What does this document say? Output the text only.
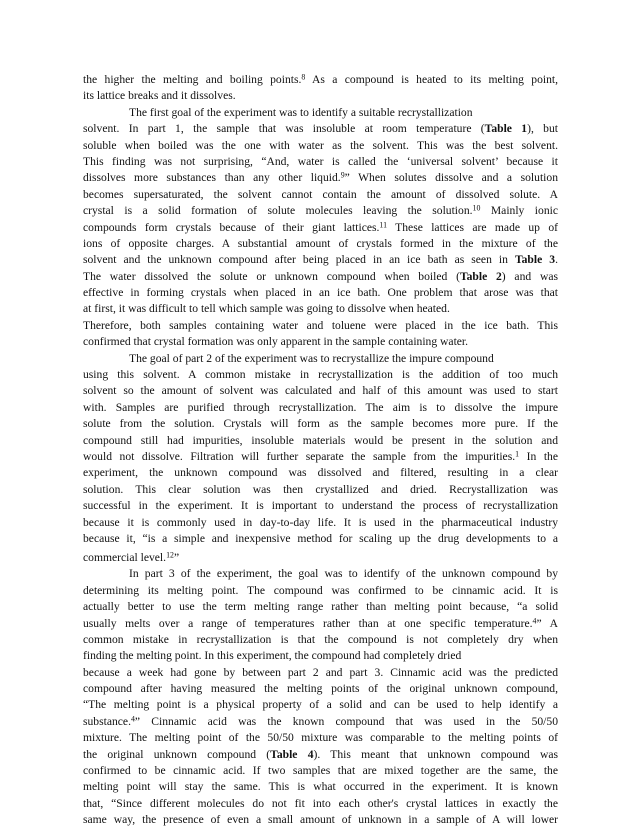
the higher the melting and boiling points.$^8$ As a compound is heated to its melting point,
its lattice breaks and it dissolves.
The first goal of the experiment was to identify a suitable recrystallization
solvent. In part 1, the sample that was insoluble at room temperature (Table 1), but
soluble when boiled was the one with water as the solvent. This was the best solvent.
This finding was not surprising, “And, water is called the ‘universal solvent’ because it
dissolves more substances than any other liquid.$^9$” When solutes dissolve and a solution
becomes supersaturated, the solvent cannot contain the amount of dissolved solute. A
crystal is a solid formation of solute molecules leaving the solution.$^{10}$ Mainly ionic
compounds form crystals because of their giant lattices.$^{11}$ These lattices are made up of
ions of opposite charges. A substantial amount of crystals formed in the mixture of the
solvent and the unknown compound after being placed in an ice bath as seen in Table 3.
The water dissolved the solute or unknown compound when boiled (Table 2) and was
effective in forming crystals when placed in an ice bath. One problem that arose was that
at first, it was difficult to tell which sample was going to dissolve when heated.
Therefore, both samples containing water and toluene were placed in the ice bath. This
confirmed that crystal formation was only apparent in the sample containing water.
The goal of part 2 of the experiment was to recrystallize the impure compound
using this solvent. A common mistake in recrystallization is the addition of too much
solvent so the amount of solvent was calculated and half of this amount was used to start
with. Samples are purified through recrystallization. The aim is to dissolve the impure
solute from the solution. Crystals will form as the sample becomes more pure. If the
compound still had impurities, insoluble materials would be present in the solution and
would not dissolve. Filtration will further separate the sample from the impurities.$^1$ In the
experiment, the unknown compound was dissolved and filtered, resulting in a clear
solution. This clear solution was then crystallized and dried. Recrystallization was
successful in the experiment. It is important to understand the process of recrystallization
because it is commonly used in day-to-day life. It is used in the pharmaceutical industry
because it, “is a simple and inexpensive method for scaling up the drug developments to a
commercial level.$^{12}$”
In part 3 of the experiment, the goal was to identify of the unknown compound by
determining its melting point. The compound was confirmed to be cinnamic acid. It is
actually better to use the term melting range rather than melting point because, “a solid
usually melts over a range of temperatures rather than at one specific temperature.$^4$” A
common mistake in recrystallization is that the compound is not completely dry when
finding the melting point. In this experiment, the compound had completely dried
because a week had gone by between part 2 and part 3. Cinnamic acid was the predicted
compound after having measured the melting points of the original unknown compound,
“The melting point is a physical property of a solid and can be used to help identify a
substance.$^4$” Cinnamic acid was the known compound that was used in the 50/50
mixture. The melting point of the 50/50 mixture was comparable to the melting points of
the original unknown compound (Table 4). This meant that unknown compound was
confirmed to be cinnamic acid. If two samples that are mixed together are the same, the
melting point will stay the same. This is what occurred in the experiment. It is known
that, “Since different molecules do not fit into each other's crystal lattices in exactly the
same way, the presence of even a small amount of unknown in a sample of A will lower
